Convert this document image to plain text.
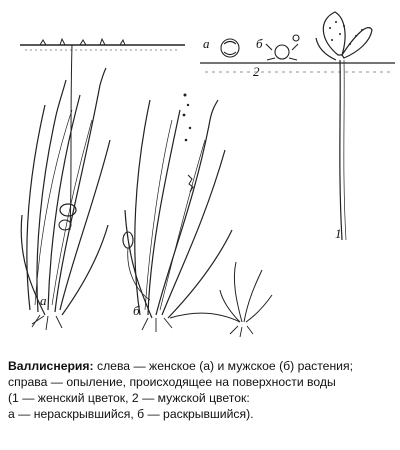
а
б
1
2
а	б

Валлиснерия: слева — женское (а) и мужское (б) растения;

справа — опыление, происходящее на поверхности воды

(1 — женский цветок, 2 — мужской цветок:

а — нераскрывшийся, б — раскрывшийся).
